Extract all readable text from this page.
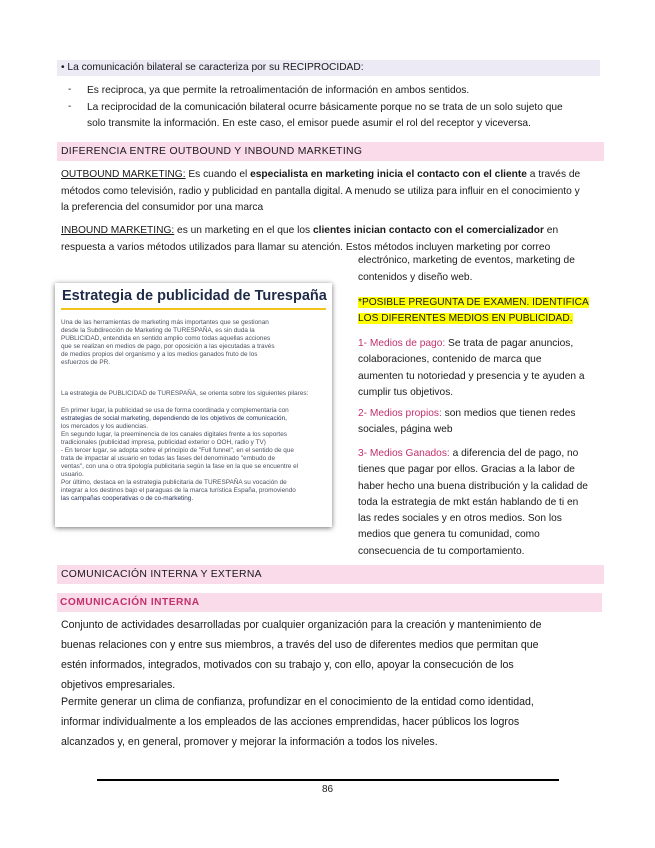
• La comunicación bilateral se caracteriza por su RECIPROCIDAD:
- Es reciproca, ya que permite la retroalimentación de información en ambos sentidos.
- La reciprocidad de la comunicación bilateral ocurre básicamente porque no se trata de un solo sujeto que
solo transmite la información. En este caso, el emisor puede asumir el rol del receptor y viceversa.
DIFERENCIA ENTRE OUTBOUND Y INBOUND MARKETING
OUTBOUND MARKETING: Es cuando el especialista en marketing inicia el contacto con el cliente a través de
métodos como televisión, radio y publicidad en pantalla digital. A menudo se utiliza para influir en el conocimiento y
la preferencia del consumidor por una marca
INBOUND MARKETING: es un marketing en el que los clientes inician contacto con el comercializador en
respuesta a varios métodos utilizados para llamar su atención. Estos métodos incluyen marketing por correo
electrónico, marketing de eventos, marketing de
contenidos y diseño web.
*POSIBLE PREGUNTA DE EXAMEN. IDENTIFICA
LOS DIFERENTES MEDIOS EN PUBLICIDAD.
1- Medios de pago: Se trata de pagar anuncios,
colaboraciones, contenido de marca que
aumenten tu notoriedad y presencia y te ayuden a
cumplir tus objetivos.
2- Medios propios: son medios que tienen redes
sociales, página web
3- Medios Ganados: a diferencia del de pago, no
tienes que pagar por ellos. Gracias a la labor de
haber hecho una buena distribución y la calidad de
toda la estrategia de mkt están hablando de ti en
las redes sociales y en otros medios. Son los
medios que genera tu comunidad, como
consecuencia de tu comportamiento.
Estrategia de publicidad de Turespaña
Una de las herramientas de marketing más importantes que se gestionan
desde la Subdirección de Marketing de TURESPAÑA, es sin duda la
PUBLICIDAD, entendida en sentido amplio como todas aquellas acciones
que se realizan en medios de pago, por oposición a las ejecutadas a través
de medios propios del organismo y a los medios ganados fruto de los
esfuerzos de PR.
La estrategia de PUBLICIDAD de TURESPAÑA, se orienta sobre los siguientes pilares:
En primer lugar, la publicidad se usa de forma coordinada y complementaria con
estrategias de social marketing, dependiendo de los objetivos de comunicación,
los mercados y los audiencias.
En segundo lugar, la preeminencia de los canales digitales frente a los soportes
tradicionales (publicidad impresa, publicidad exterior o OOH, radio y TV)
- En tercer lugar, se adopta sobre el principio de "Full funnel", en el sentido de que
trata de impactar al usuario en todas las fases del denominado "embudo de
ventas", con una o otra tipología publicitaria según la fase en la que se encuentre el
usuario.
Por último, destaca en la estrategia publicitaria de TURESPAÑA su vocación de
integrar a los destinos bajo el paraguas de la marca turística España, promoviendo
las campañas cooperativas o de co-marketing.
COMUNICACIÓN INTERNA Y EXTERNA
COMUNICACIÓN INTERNA
Conjunto de actividades desarrolladas por cualquier organización para la creación y mantenimiento de
buenas relaciones con y entre sus miembros, a través del uso de diferentes medios que permitan que
estén informados, integrados, motivados con su trabajo y, con ello, apoyar la consecución de los
objetivos empresariales.
Permite generar un clima de confianza, profundizar en el conocimiento de la entidad como identidad,
informar individualmente a los empleados de las acciones emprendidas, hacer públicos los logros
alcanzados y, en general, promover y mejorar la información a todos los niveles.
86
